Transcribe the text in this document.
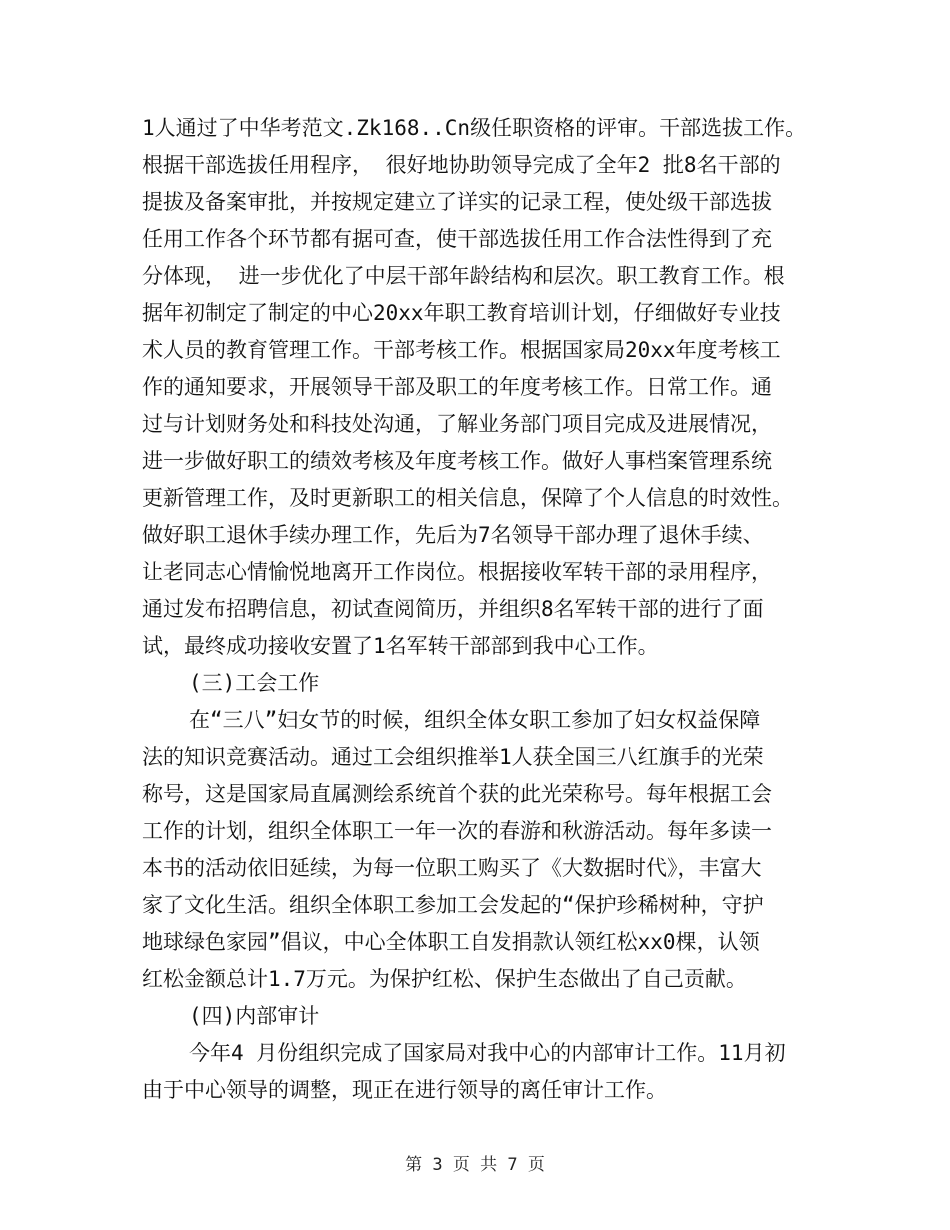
1人通过了中华考范文.Zk168..Cn级任职资格的评审。干部选拔工作。
根据干部选拔任用程序， 很好地协助领导完成了全年2 批8名干部的
提拔及备案审批，并按规定建立了详实的记录工程，使处级干部选拔
任用工作各个环节都有据可查，使干部选拔任用工作合法性得到了充
分体现， 进一步优化了中层干部年龄结构和层次。职工教育工作。根
据年初制定了制定的中心20xx年职工教育培训计划，仔细做好专业技
术人员的教育管理工作。干部考核工作。根据国家局20xx年度考核工
作的通知要求，开展领导干部及职工的年度考核工作。日常工作。通
过与计划财务处和科技处沟通，了解业务部门项目完成及进展情况，
进一步做好职工的绩效考核及年度考核工作。做好人事档案管理系统
更新管理工作，及时更新职工的相关信息，保障了个人信息的时效性。
做好职工退休手续办理工作，先后为7名领导干部办理了退休手续、
让老同志心情愉悦地离开工作岗位。根据接收军转干部的录用程序，
通过发布招聘信息，初试查阅简历，并组织8名军转干部的进行了面
试，最终成功接收安置了1名军转干部部到我中心工作。
(三)工会工作
在“三八”妇女节的时候，组织全体女职工参加了妇女权益保障
法的知识竞赛活动。通过工会组织推举1人获全国三八红旗手的光荣
称号，这是国家局直属测绘系统首个获的此光荣称号。每年根据工会
工作的计划，组织全体职工一年一次的春游和秋游活动。每年多读一
本书的活动依旧延续，为每一位职工购买了《大数据时代》，丰富大
家了文化生活。组织全体职工参加工会发起的“保护珍稀树种，守护
地球绿色家园”倡议，中心全体职工自发捐款认领红松xx0棵，认领
红松金额总计1.7万元。为保护红松、保护生态做出了自己贡献。
(四)内部审计
今年4 月份组织完成了国家局对我中心的内部审计工作。11月初
由于中心领导的调整，现正在进行领导的离任审计工作。
第 3 页 共 7 页
